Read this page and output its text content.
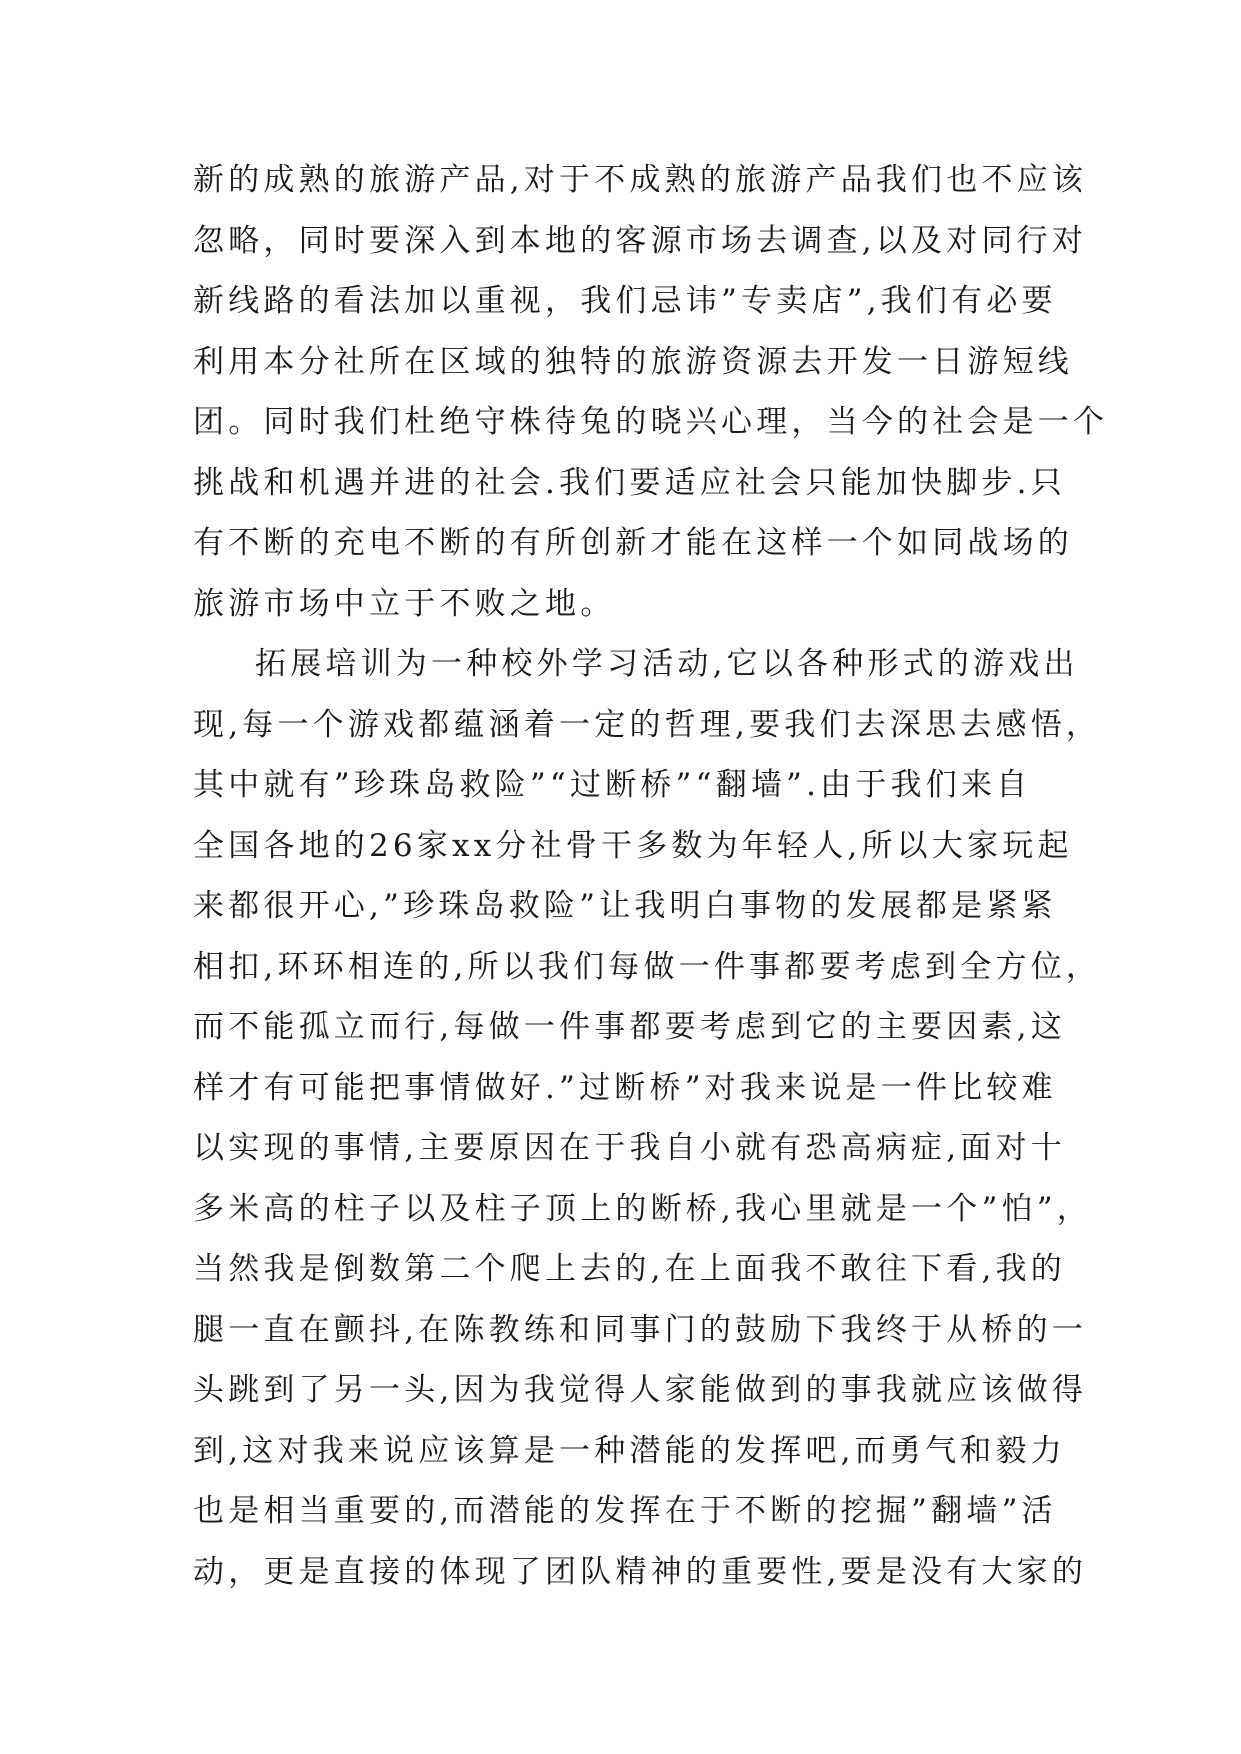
新的成熟的旅游产品,对于不成熟的旅游产品我们也不应该
忽略，同时要深入到本地的客源市场去调查,以及对同行对
新线路的看法加以重视，我们忌讳”专卖店”,我们有必要
利用本分社所在区域的独特的旅游资源去开发一日游短线
团。同时我们杜绝守株待兔的晓兴心理，当今的社会是一个
挑战和机遇并进的社会.我们要适应社会只能加快脚步.只
有不断的充电不断的有所创新才能在这样一个如同战场的
旅游市场中立于不败之地。

拓展培训为一种校外学习活动,它以各种形式的游戏出
现,每一个游戏都蕴涵着一定的哲理,要我们去深思去感悟，
其中就有”珍珠岛救险”“过断桥”“翻墙”.由于我们来自
全国各地的26家xx分社骨干多数为年轻人,所以大家玩起
来都很开心,”珍珠岛救险”让我明白事物的发展都是紧紧
相扣,环环相连的,所以我们每做一件事都要考虑到全方位，
而不能孤立而行,每做一件事都要考虑到它的主要因素,这
样才有可能把事情做好.”过断桥”对我来说是一件比较难
以实现的事情,主要原因在于我自小就有恐高病症,面对十
多米高的柱子以及柱子顶上的断桥,我心里就是一个”怕”，
当然我是倒数第二个爬上去的,在上面我不敢往下看,我的
腿一直在颤抖,在陈教练和同事门的鼓励下我终于从桥的一
头跳到了另一头,因为我觉得人家能做到的事我就应该做得
到,这对我来说应该算是一种潜能的发挥吧,而勇气和毅力
也是相当重要的,而潜能的发挥在于不断的挖掘”翻墙”活
动，更是直接的体现了团队精神的重要性,要是没有大家的
